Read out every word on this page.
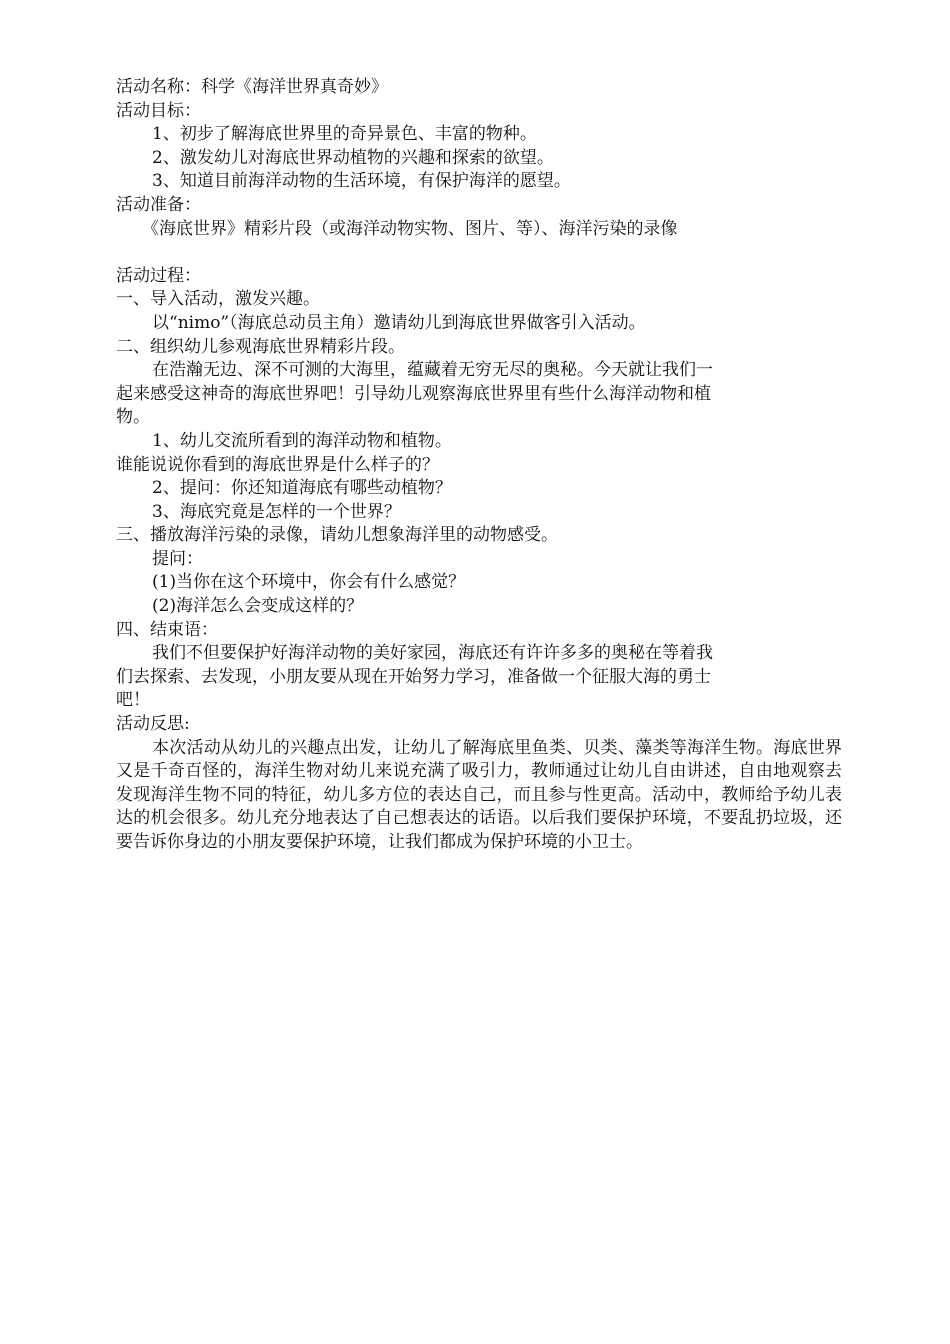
活动名称：科学《海洋世界真奇妙》

活动目标：

1、初步了解海底世界里的奇异景色、丰富的物种。

2、激发幼儿对海底世界动植物的兴趣和探索的欲望。

3、知道目前海洋动物的生活环境，有保护海洋的愿望。

活动准备：

《海底世界》精彩片段（或海洋动物实物、图片、等）、海洋污染的录像

活动过程：

一、导入活动，激发兴趣。

以“nimo”（海底总动员主角）邀请幼儿到海底世界做客引入活动。

二、组织幼儿参观海底世界精彩片段。

在浩瀚无边、深不可测的大海里，蕴藏着无穷无尽的奥秘。今天就让我们一

起来感受这神奇的海底世界吧！引导幼儿观察海底世界里有些什么海洋动物和植

物。

1、幼儿交流所看到的海洋动物和植物。

谁能说说你看到的海底世界是什么样子的？

2、提问：你还知道海底有哪些动植物？

3、海底究竟是怎样的一个世界？

三、播放海洋污染的录像，请幼儿想象海洋里的动物感受。

提问：

(1)当你在这个环境中，你会有什么感觉？

(2)海洋怎么会变成这样的？

四、结束语：

我们不但要保护好海洋动物的美好家园，海底还有许许多多的奥秘在等着我

们去探索、去发现，小朋友要从现在开始努力学习，准备做一个征服大海的勇士

吧！

活动反思:

本次活动从幼儿的兴趣点出发，让幼儿了解海底里鱼类、贝类、藻类等海洋生物。海底世界又是千奇百怪的，海洋生物对幼儿来说充满了吸引力，教师通过让幼儿自由讲述，自由地观察去发现海洋生物不同的特征，幼儿多方位的表达自己，而且参与性更高。活动中，教师给予幼儿表达的机会很多。幼儿充分地表达了自己想表达的话语。以后我们要保护环境，不要乱扔垃圾，还要告诉你身边的小朋友要保护环境，让我们都成为保护环境的小卫士。
